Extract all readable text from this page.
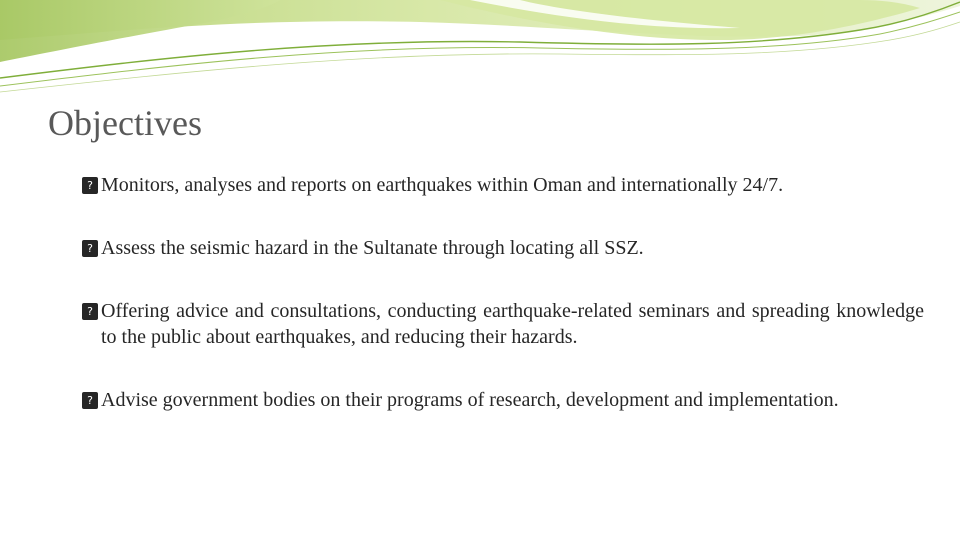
Objectives
? Monitors, analyses and reports on earthquakes within Oman and internationally 24/7.
? Assess the seismic hazard in the Sultanate through locating all SSZ.
? Offering advice and consultations, conducting earthquake-related seminars and spreading knowledge to the public about earthquakes, and reducing their hazards.
? Advise government bodies on their programs of research, development and implementation.
